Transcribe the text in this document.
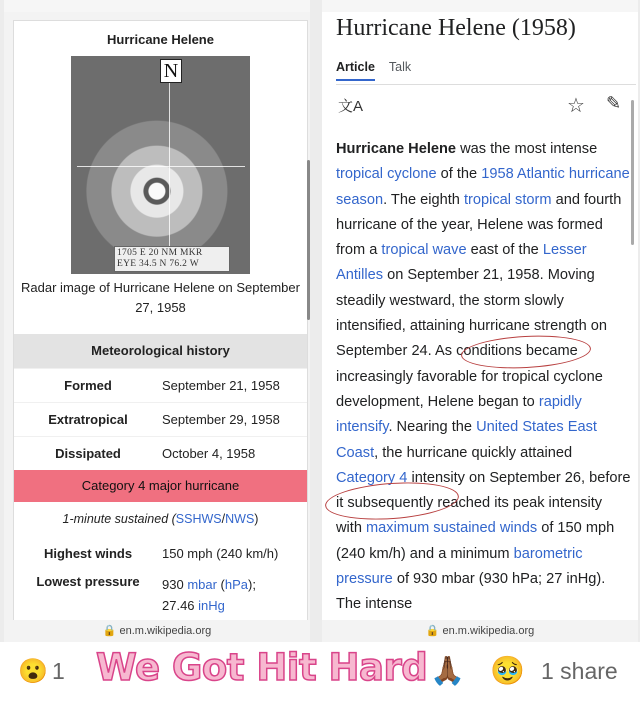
Hurricane Helene
N
1705 E 20 NM MKR
EYE 34.5 N 76.2 W
Radar image of Hurricane Helene on September 27, 1958
Meteorological history
Formed	September 21, 1958
Extratropical	September 29, 1958
Dissipated	October 4, 1958
Category 4 major hurricane
1-minute sustained (SSHWS/NWS)
Highest winds	150 mph (240 km/h)
Lowest pressure	930 mbar (hPa);
27.46 inHg
🔒 en.m.wikipedia.org
Hurricane Helene (1958)
Article Talk
文A	☆ ✎
Hurricane Helene was the most intense tropical cyclone of the 1958 Atlantic hurricane season. The eighth tropical storm and fourth hurricane of the year, Helene was formed from a tropical wave east of the Lesser Antilles on September 21, 1958. Moving steadily westward, the storm slowly intensified, attaining hurricane strength on September 24. As conditions became increasingly favorable for tropical cyclone development, Helene began to rapidly intensify. Nearing the United States East Coast, the hurricane quickly attained Category 4 intensity on September 26, before it subsequently reached its peak intensity with maximum sustained winds of 150 mph (240 km/h) and a minimum barometric pressure of 930 mbar (930 hPa; 27 inHg). The intense
🔒 en.m.wikipedia.org
😮 1 We Got Hit Hard 🙏🏾 🥹 1 share
